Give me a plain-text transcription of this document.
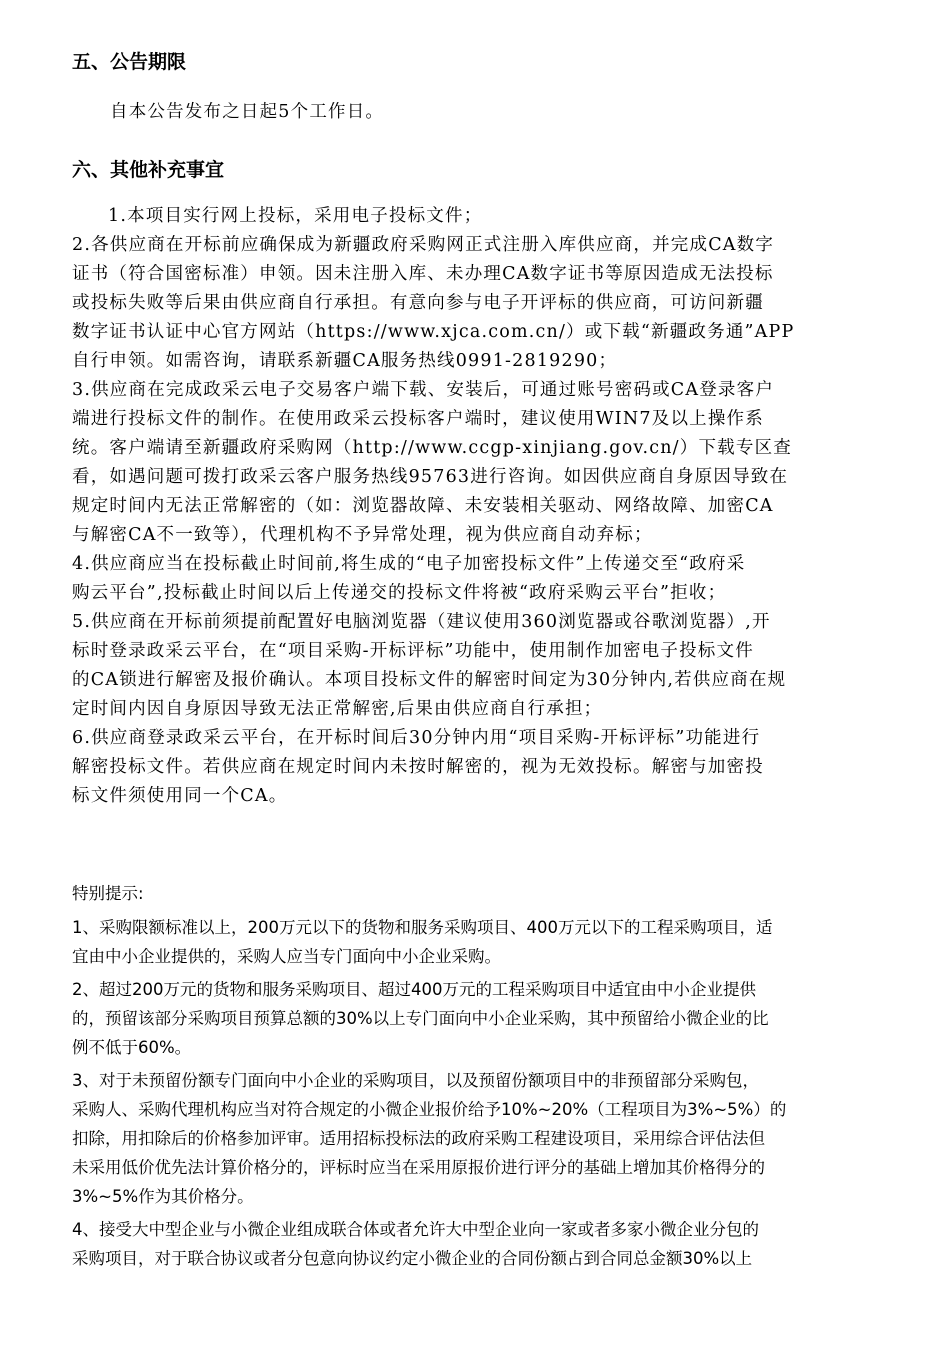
五、公告期限
自本公告发布之日起5个工作日。
六、其他补充事宜
1.本项目实行网上投标，采用电子投标文件；
2.各供应商在开标前应确保成为新疆政府采购网正式注册入库供应商，并完成CA数字
证书（符合国密标准）申领。因未注册入库、未办理CA数字证书等原因造成无法投标
或投标失败等后果由供应商自行承担。有意向参与电子开评标的供应商，可访问新疆
数字证书认证中心官方网站（https://www.xjca.com.cn/）或下载“新疆政务通”APP
自行申领。如需咨询，请联系新疆CA服务热线0991-2819290；
3.供应商在完成政采云电子交易客户端下载、安装后，可通过账号密码或CA登录客户
端进行投标文件的制作。在使用政采云投标客户端时，建议使用WIN7及以上操作系
统。客户端请至新疆政府采购网（http://www.ccgp-xinjiang.gov.cn/）下载专区查
看，如遇问题可拨打政采云客户服务热线95763进行咨询。如因供应商自身原因导致在
规定时间内无法正常解密的（如：浏览器故障、未安装相关驱动、网络故障、加密CA
与解密CA不一致等），代理机构不予异常处理，视为供应商自动弃标；
4.供应商应当在投标截止时间前,将生成的“电子加密投标文件”上传递交至“政府采
购云平台”,投标截止时间以后上传递交的投标文件将被“政府采购云平台”拒收；
5.供应商在开标前须提前配置好电脑浏览器（建议使用360浏览器或谷歌浏览器）,开
标时登录政采云平台，在“项目采购-开标评标”功能中，使用制作加密电子投标文件
的CA锁进行解密及报价确认。本项目投标文件的解密时间定为30分钟内,若供应商在规
定时间内因自身原因导致无法正常解密,后果由供应商自行承担；
6.供应商登录政采云平台，在开标时间后30分钟内用“项目采购-开标评标”功能进行
解密投标文件。若供应商在规定时间内未按时解密的，视为无效投标。解密与加密投
标文件须使用同一个CA。
特别提示:
1、采购限额标准以上，200万元以下的货物和服务采购项目、400万元以下的工程采购项目，适
宜由中小企业提供的，采购人应当专门面向中小企业采购。
2、超过200万元的货物和服务采购项目、超过400万元的工程采购项目中适宜由中小企业提供
的，预留该部分采购项目预算总额的30%以上专门面向中小企业采购，其中预留给小微企业的比
例不低于60%。
3、对于未预留份额专门面向中小企业的采购项目，以及预留份额项目中的非预留部分采购包，
采购人、采购代理机构应当对符合规定的小微企业报价给予10%~20%（工程项目为3%~5%）的
扣除，用扣除后的价格参加评审。适用招标投标法的政府采购工程建设项目，采用综合评估法但
未采用低价优先法计算价格分的，评标时应当在采用原报价进行评分的基础上增加其价格得分的
3%~5%作为其价格分。
4、接受大中型企业与小微企业组成联合体或者允许大中型企业向一家或者多家小微企业分包的
采购项目，对于联合协议或者分包意向协议约定小微企业的合同份额占到合同总金额30%以上
